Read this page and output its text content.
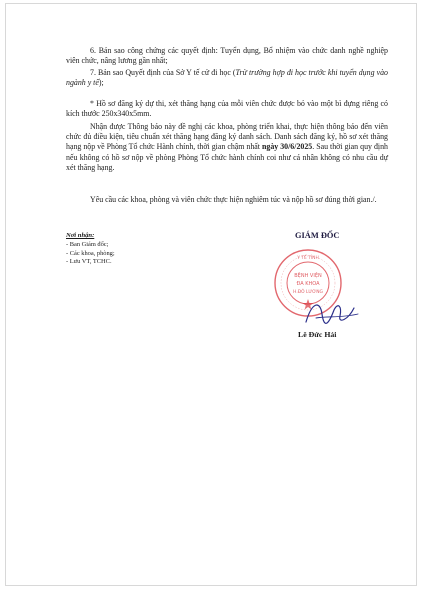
6. Bản sao công chứng các quyết định: Tuyển dụng, Bổ nhiệm vào chức danh nghề nghiệp viên chức, nâng lương gần nhất;

7. Bản sao Quyết định của Sở Y tế cử đi học (Trừ trường hợp đi học trước khi tuyển dụng vào ngành y tế);

* Hồ sơ đăng ký dự thi, xét thăng hạng của mỗi viên chức được bỏ vào một bì đựng riêng có kích thước 250x340x5mm.

Nhận được Thông báo này đề nghị các khoa, phòng triển khai, thực hiện thông báo đến viên chức đủ điều kiện, tiêu chuẩn xét thăng hạng đăng ký danh sách. Danh sách đăng ký, hồ sơ xét thăng hạng nộp về Phòng Tổ chức Hành chính, thời gian chậm nhất ngày 30/6/2025. Sau thời gian quy định nếu không có hồ sơ nộp về phòng Phòng Tổ chức hành chính coi như cá nhân không có nhu cầu dự xét thăng hạng.

Yêu cầu các khoa, phòng và viên chức thực hiện nghiêm túc và nộp hồ sơ đúng thời gian./.

Nơi nhận:
- Ban Giám đốc;
- Các khoa, phòng;
- Lưu VT, TCHC.
GIÁM ĐỐC
Y TẾ TỈNH
BỆNH VIỆN
ĐA KHOA
H.ĐÔ LƯƠNG
Lê Đức Hải
